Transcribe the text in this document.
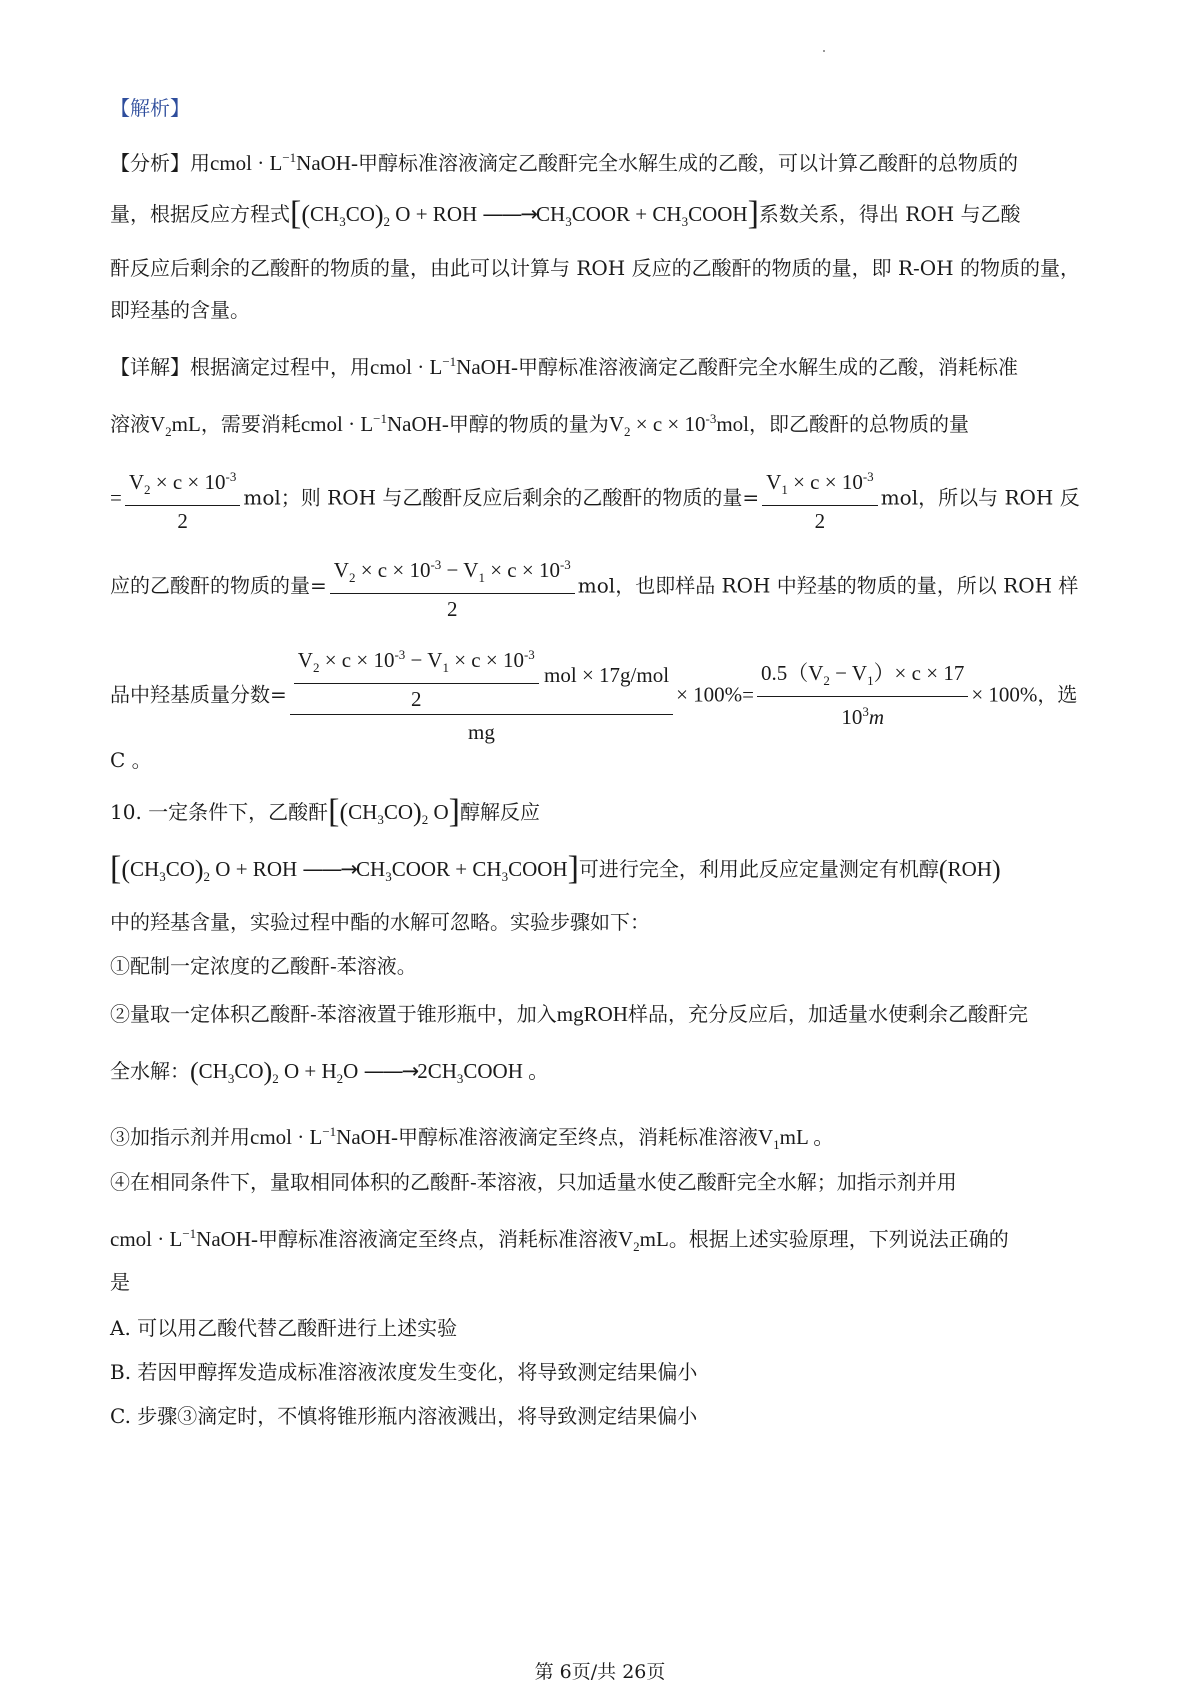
【解析】
【分析】用cmol · $L^{-1}NaOH-$甲醇标准溶液滴定乙酸酐完全水解生成的乙酸，可以计算乙酸酐的总物质的
量，根据反应方程式[$(CH_3CO)_2$ O + ROH $——\to CH_3COOR$ + $CH_3COOH$]系数关系，得出 ROH 与乙酸
酐反应后剩余的乙酸酐的物质的量，由此可以计算与 ROH 反应的乙酸酐的物质的量，即 R-OH 的物质的量，
即羟基的含量。
【详解】根据滴定过程中，用cmol · $L^{-1}NaOH-$甲醇标准溶液滴定乙酸酐完全水解生成的乙酸，消耗标准
溶液$V_2mL$，需要消耗cmol · $L^{-1}NaOH-$甲醇的物质的量为$V_2 \times c \times 10^{-3}mol$，即乙酸酐的总物质的量
= $\frac{V_2 \times c \times 10^{-3}}{2}$ mol；则 ROH 与乙酸酐反应后剩余的乙酸酐的物质的量= $\frac{V_1 \times c \times 10^{-3}}{2}$ mol，所以与 ROH 反
应的乙酸酐的物质的量= $\frac{V_2 \times c \times 10^{-3} - V_1 \times c \times 10^{-3}}{2}$ mol，也即样品 ROH 中羟基的物质的量，所以 ROH 样
品中羟基质量分数= $\frac{V_2 \times c \times 10^{-3} - V_1 \times c \times 10^{-3}}{2}$ mol × 17g/mol
mg
× $100\%= \frac{0.5(V_2 - V_1)\times c \times 17}{10^3m} \times 100\%$，选
C 。
10. 一定条件下，乙酸酐[$(CH_3CO)_2$ O]醇解反应
[$(CH_3CO)_2$ O + ROH $——\to CH_3COOR$ + $CH_3COOH$]可进行完全，利用此反应定量测定有机醇(ROH)
中的羟基含量，实验过程中酯的水解可忽略。实验步骤如下：
①配制一定浓度的乙酸酐-苯溶液。
②量取一定体积乙酸酐-苯溶液置于锥形瓶中，加入mgROH样品，充分反应后，加适量水使剩余乙酸酐完
全水解：$(CH_3CO)_2$ $O + H_2O$ $——\to 2CH_3COOH$ 。
③加指示剂并用cmol · $L^{-1}NaOH-$甲醇标准溶液滴定至终点，消耗标准溶液$V_1mL$ 。
④在相同条件下，量取相同体积的乙酸酐-苯溶液，只加适量水使乙酸酐完全水解；加指示剂并用
cmol · $L^{-1}NaOH-$甲醇标准溶液滴定至终点，消耗标准溶液$V_2mL$。根据上述实验原理，下列说法正确的
是
A. 可以用乙酸代替乙酸酐进行上述实验
B. 若因甲醇挥发造成标准溶液浓度发生变化，将导致测定结果偏小
C. 步骤③滴定时，不慎将锥形瓶内溶液溅出，将导致测定结果偏小
第 6页/共 26页
